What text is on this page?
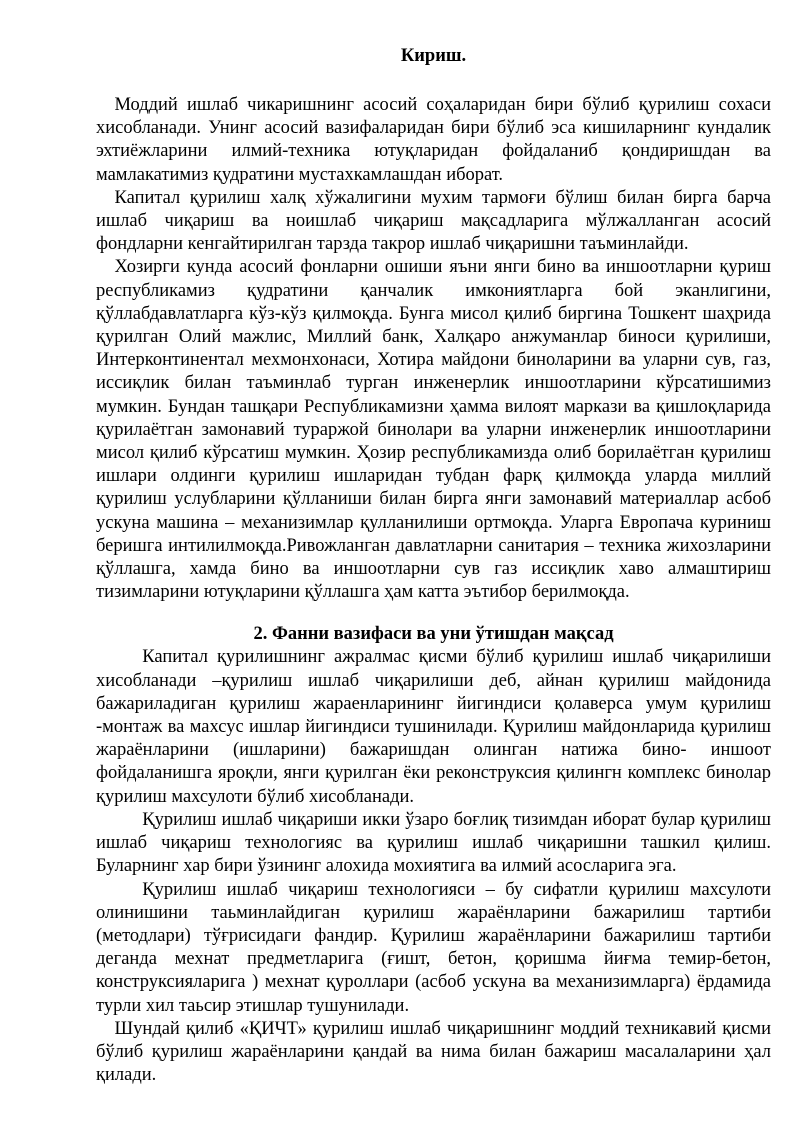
Кириш.

Моддий ишлаб чикаришнинг асосий соҳаларидан бири бўлиб қурилиш сохаси хисобланади. Унинг асосий вазифаларидан бири бўлиб эса кишиларнинг кундалик эхтиёжларини илмий-техника ютуқларидан фойдаланиб қондиришдан ва мамлакатимиз қудратини мустахкамлашдан иборат.

Капитал қурилиш халқ хўжалигини мухим тармоғи бўлиш билан бирга барча ишлаб чиқариш ва ноишлаб чиқариш мақсадларига мўлжалланган асосий фондларни кенгайтирилган тарзда такрор ишлаб чиқаришни таъминлайди.

Хозирги кунда асосий фонларни ошиши яъни янги бино ва иншоотларни қуриш республикамиз қудратини қанчалик имкониятларга бой эканлигини, қўллабдавлатларга кўз-кўз қилмоқда. Бунга мисол қилиб биргина Тошкент шаҳрида қурилган Олий мажлис, Миллий банк, Халқаро анжуманлар биноси қурилиши, Интерконтинентал мехмонхонаси, Хотира майдони биноларини ва уларни сув, газ, иссиқлик билан таъминлаб турган инженерлик иншоотларини кўрсатишимиз мумкин. Бундан ташқари Республикамизни ҳамма вилоят маркази ва қишлоқларида қурилаётган замонавий тураржой бинолари ва уларни инженерлик иншоотларини мисол қилиб кўрсатиш мумкин. Ҳозир республикамизда олиб борилаётган қурилиш ишлари олдинги қурилиш ишларидан тубдан фарқ қилмоқда уларда миллий қурилиш услубларини қўлланиши билан бирга янги замонавий материаллар асбоб ускуна машина – механизимлар қулланилиши ортмоқда. Уларга Европача куриниш беришга интилилмоқда.Ривожланган давлатларни санитария – техника жихозларини қўллашга, хамда бино ва иншоотларни сув газ иссиқлик хаво алмаштириш тизимларини ютуқларини қўллашга ҳам катта эътибор берилмоқда.

2. Фанни вазифаси ва уни ўтишдан мақсад

Капитал қурилишнинг ажралмас қисми бўлиб қурилиш ишлаб чиқарилиши хисобланади –қурилиш ишлаб чиқарилиши деб, айнан қурилиш майдонида бажариладиган қурилиш жараенларининг йигиндиси қолаверса умум қурилиш -монтаж ва махсус ишлар йигиндиси тушинилади. Қурилиш майдонларида қурилиш жараёнларини (ишларини) бажаришдан олинган натижа бино- иншоот фойдаланишга яроқли, янги қурилган ёки реконструксия қилингн комплекс бинолар қурилиш махсулоти бўлиб хисобланади.

Қурилиш ишлаб чиқариши икки ўзаро боғлиқ тизимдан иборат булар қурилиш ишлаб чиқариш технологияс ва қурилиш ишлаб чиқаришни ташкил қилиш. Буларнинг хар бири ўзининг алохида мохиятига ва илмий асосларига эга.

Қурилиш ишлаб чиқариш технологияси – бу сифатли қурилиш махсулоти олинишини таьминлайдиган қурилиш жараёнларини бажарилиш тартиби (методлари) тўғрисидаги фандир. Қурилиш жараёнларини бажарилиш тартиби деганда мехнат предметларига (ғишт, бетон, қоришма йиғма темир-бетон, конструксияларига ) мехнат қуроллари (асбоб ускуна ва механизимларга) ёрдамида турли хил таьсир этишлар тушунилади.

Шундай қилиб «ҚИЧТ» қурилиш ишлаб чиқаришнинг моддий техникавий қисми бўлиб қурилиш жараёнларини қандай ва нима билан бажариш масалаларини ҳал қилади.
